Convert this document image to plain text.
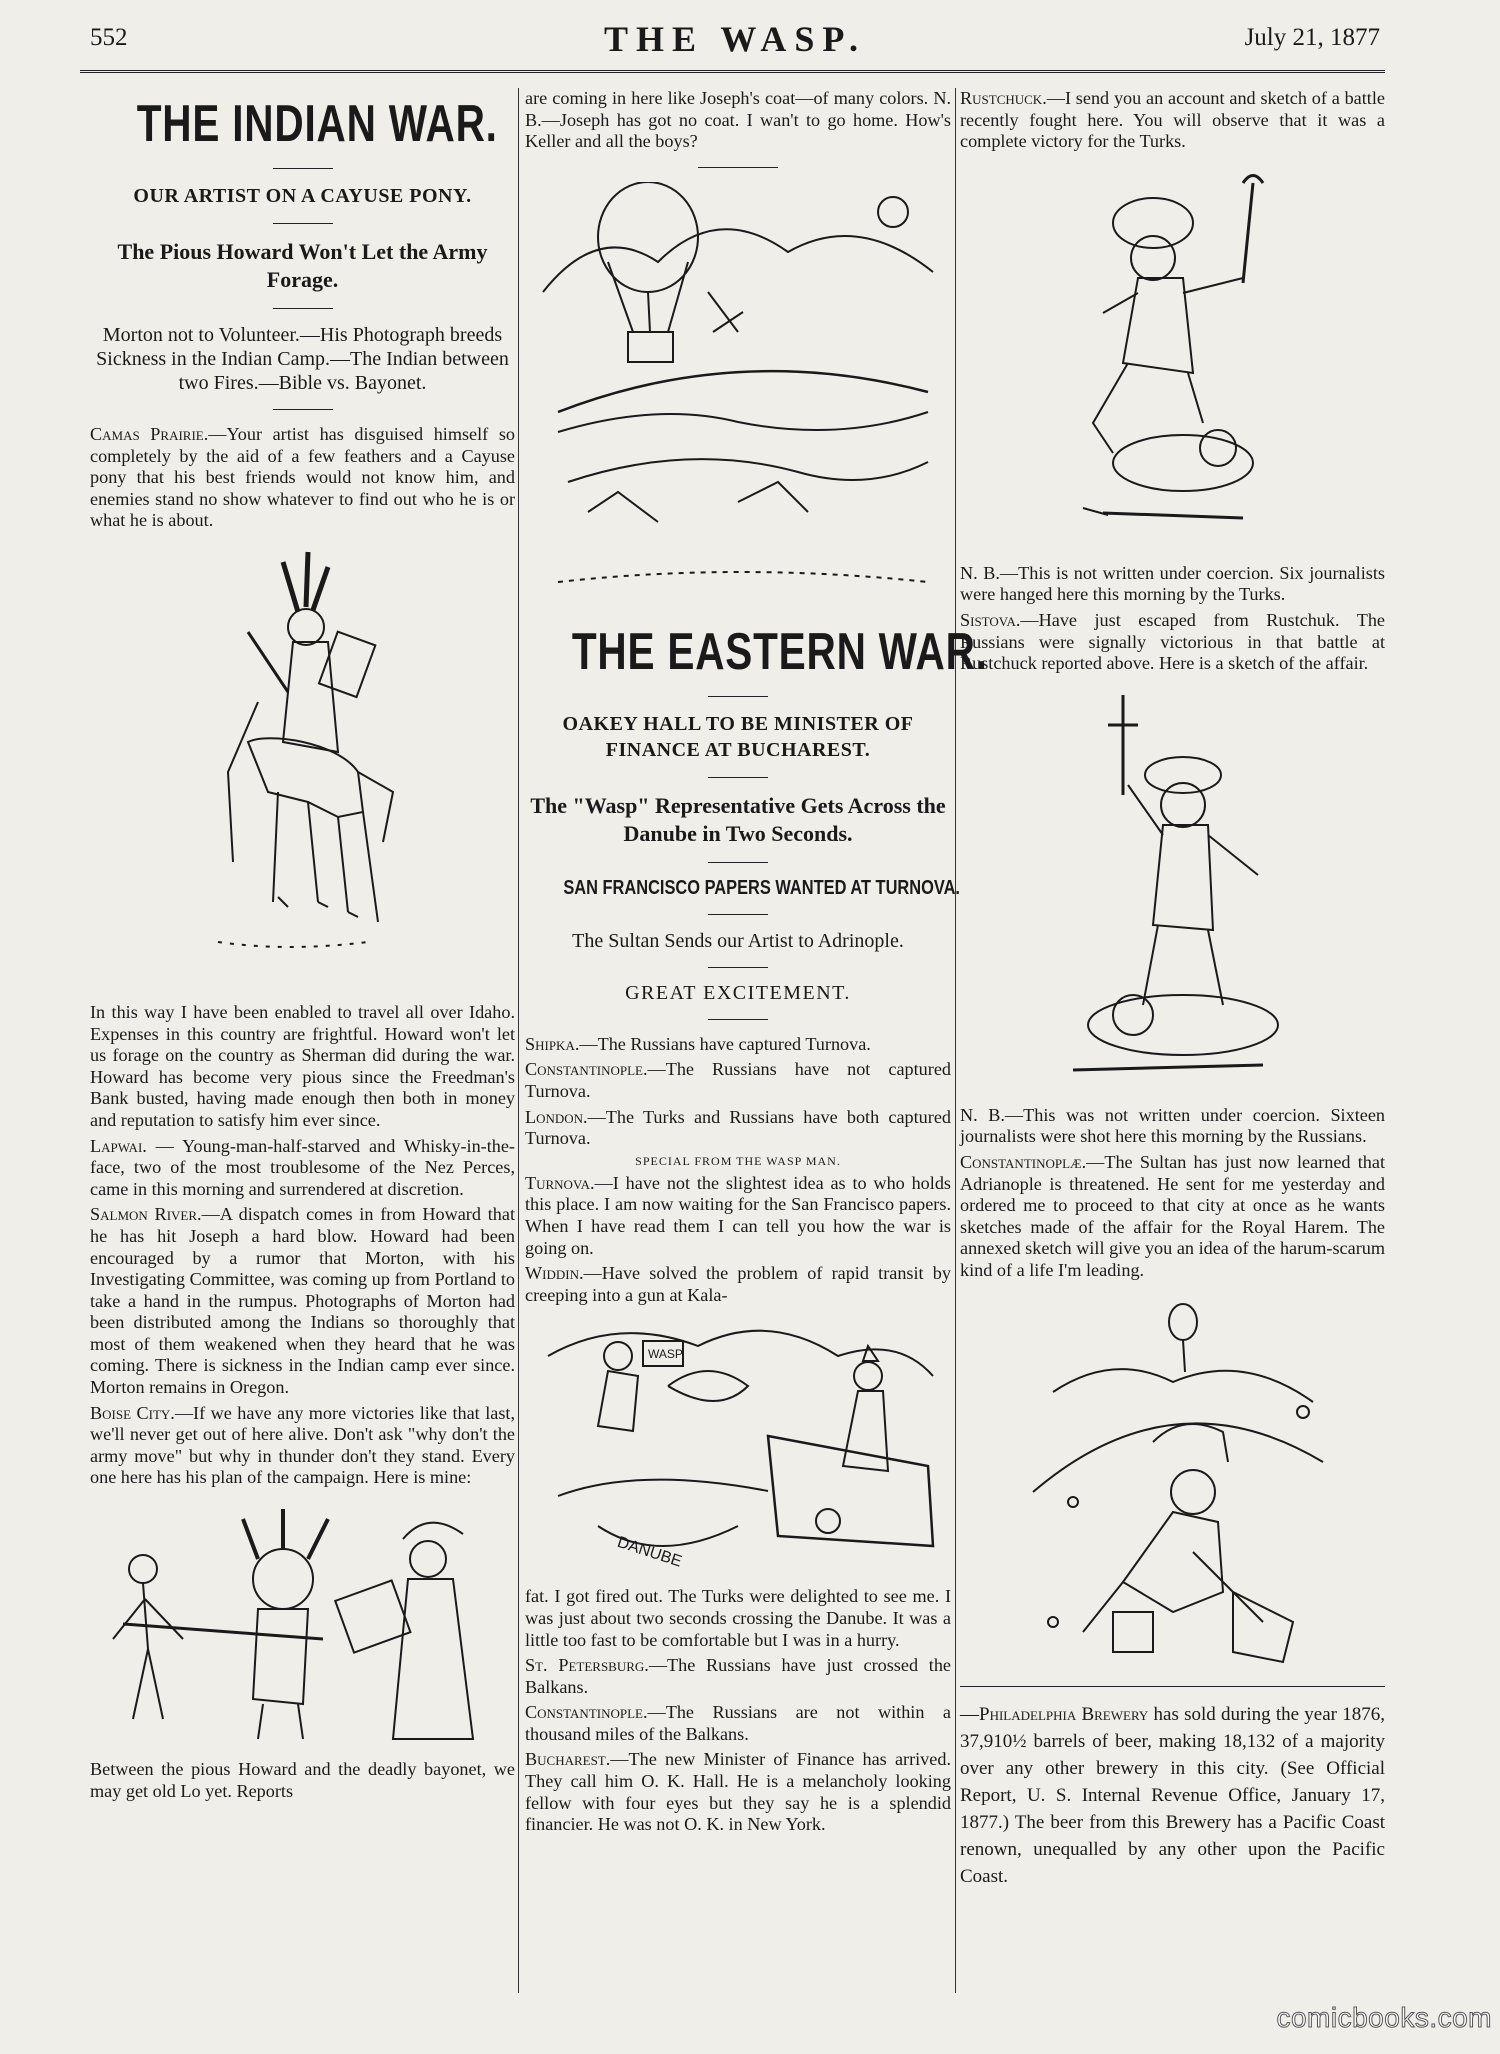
552	THE WASP.	July 21, 1877
THE INDIAN WAR.
OUR ARTIST ON A CAYUSE PONY.
The Pious Howard Won't Let the Army Forage.
Morton not to Volunteer.—His Photograph breeds Sickness in the Indian Camp.—The Indian between two Fires.—Bible vs. Bayonet.

Camas Prairie.—Your artist has disguised himself so completely by the aid of a few feathers and a Cayuse pony that his best friends would not know him, and enemies stand no show whatever to find out who he is or what he is about.

In this way I have been enabled to travel all over Idaho. Expenses in this country are frightful. Howard won't let us forage on the country as Sherman did during the war. Howard has become very pious since the Freedman's Bank busted, having made enough then both in money and reputation to satisfy him ever since.

Lapwai. — Young-man-half-starved and Whisky-in-the-face, two of the most troublesome of the Nez Perces, came in this morning and surrendered at discretion.

Salmon River.—A dispatch comes in from Howard that he has hit Joseph a hard blow. Howard had been encouraged by a rumor that Morton, with his Investigating Committee, was coming up from Portland to take a hand in the rumpus. Photographs of Morton had been distributed among the Indians so thoroughly that most of them weakened when they heard that he was coming. There is sickness in the Indian camp ever since. Morton remains in Oregon.

Boise City.—If we have any more victories like that last, we'll never get out of here alive. Don't ask "why don't the army move" but why in thunder don't they stand. Every one here has his plan of the campaign. Here is mine:

Between the pious Howard and the deadly bayonet, we may get old Lo yet. Reports

are coming in here like Joseph's coat—of many colors. N. B.—Joseph has got no coat. I wan't to go home. How's Keller and all the boys?

THE EASTERN WAR.
OAKEY HALL TO BE MINISTER OF FINANCE AT BUCHAREST.
The "Wasp" Representative Gets Across the Danube in Two Seconds.
SAN FRANCISCO PAPERS WANTED AT TURNOVA.
The Sultan Sends our Artist to Adrinople.
GREAT EXCITEMENT.

Shipka.—The Russians have captured Turnova.

Constantinople.—The Russians have not captured Turnova.

London.—The Turks and Russians have both captured Turnova.

SPECIAL FROM THE WASP MAN.

Turnova.—I have not the slightest idea as to who holds this place. I am now waiting for the San Francisco papers. When I have read them I can tell you how the war is going on.

Widdin.—Have solved the problem of rapid transit by creeping into a gun at Kala-

WASP
DANUBE

fat. I got fired out. The Turks were delighted to see me. I was just about two seconds crossing the Danube. It was a little too fast to be comfortable but I was in a hurry.

St. Petersburg.—The Russians have just crossed the Balkans.

Constantinople.—The Russians are not within a thousand miles of the Balkans.

Bucharest.—The new Minister of Finance has arrived. They call him O. K. Hall. He is a melancholy looking fellow with four eyes but they say he is a splendid financier. He was not O. K. in New York.

Rustchuck.—I send you an account and sketch of a battle recently fought here. You will observe that it was a complete victory for the Turks.

N. B.—This is not written under coercion. Six journalists were hanged here this morning by the Turks.

Sistova.—Have just escaped from Rustchuk. The Russians were signally victorious in that battle at Rustchuck reported above. Here is a sketch of the affair.

N. B.—This was not written under coercion. Sixteen journalists were shot here this morning by the Russians.

Constantinoplæ.—The Sultan has just now learned that Adrianople is threatened. He sent for me yesterday and ordered me to proceed to that city at once as he wants sketches made of the affair for the Royal Harem. The annexed sketch will give you an idea of the harum-scarum kind of a life I'm leading.

—Philadelphia Brewery has sold during the year 1876, 37,910½ barrels of beer, making 18,132 of a majority over any other brewery in this city. (See Official Report, U. S. Internal Revenue Office, January 17, 1877.) The beer from this Brewery has a Pacific Coast renown, unequalled by any other upon the Pacific Coast.

comicbooks.com
